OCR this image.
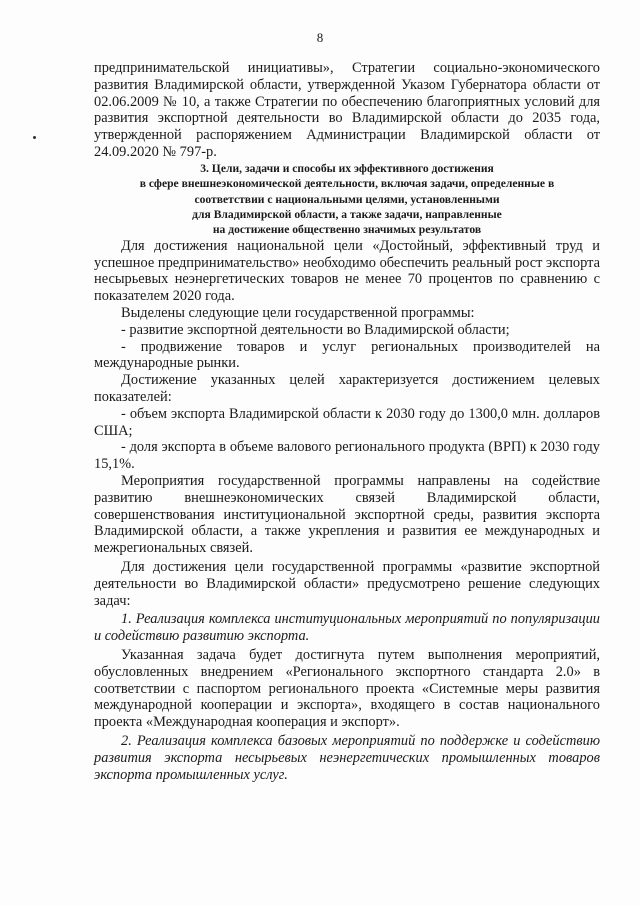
8

предпринимательской инициативы», Стратегии социально-экономического развития Владимирской области, утвержденной Указом Губернатора области от 02.06.2009 № 10, а также Стратегии по обеспечению благоприятных условий для развития экспортной деятельности во Владимирской области до 2035 года, утвержденной распоряжением Администрации Владимирской области от 24.09.2020 № 797-р.

3. Цели, задачи и способы их эффективного достижения
в сфере внешнеэкономической деятельности, включая задачи, определенные в
соответствии с национальными целями, установленными
для Владимирской области, а также задачи, направленные
на достижение общественно значимых результатов

Для достижения национальной цели «Достойный, эффективный труд и успешное предпринимательство» необходимо обеспечить реальный рост экспорта несырьевых неэнергетических товаров не менее 70 процентов по сравнению с показателем 2020 года.

Выделены следующие цели государственной программы:

- развитие экспортной деятельности во Владимирской области;

- продвижение товаров и услуг региональных производителей на международные рынки.

Достижение указанных целей характеризуется достижением целевых показателей:

- объем экспорта Владимирской области к 2030 году до 1300,0 млн. долларов США;

- доля экспорта в объеме валового регионального продукта (ВРП) к 2030 году 15,1%.

Мероприятия государственной программы направлены на содействие развитию внешнеэкономических связей Владимирской области, совершенствования институциональной экспортной среды, развития экспорта Владимирской области, а также укрепления и развития ее международных и межрегиональных связей.

Для достижения цели государственной программы «развитие экспортной деятельности во Владимирской области» предусмотрено решение следующих задач:

1. Реализация комплекса институциональных мероприятий по популяризации и содействию развитию экспорта.

Указанная задача будет достигнута путем выполнения мероприятий, обусловленных внедрением «Регионального экспортного стандарта 2.0» в соответствии с паспортом регионального проекта «Системные меры развития международной кооперации и экспорта», входящего в состав национального проекта «Международная кооперация и экспорт».

2. Реализация комплекса базовых мероприятий по поддержке и содействию развития экспорта несырьевых неэнергетических промышленных товаров экспорта промышленных услуг.
